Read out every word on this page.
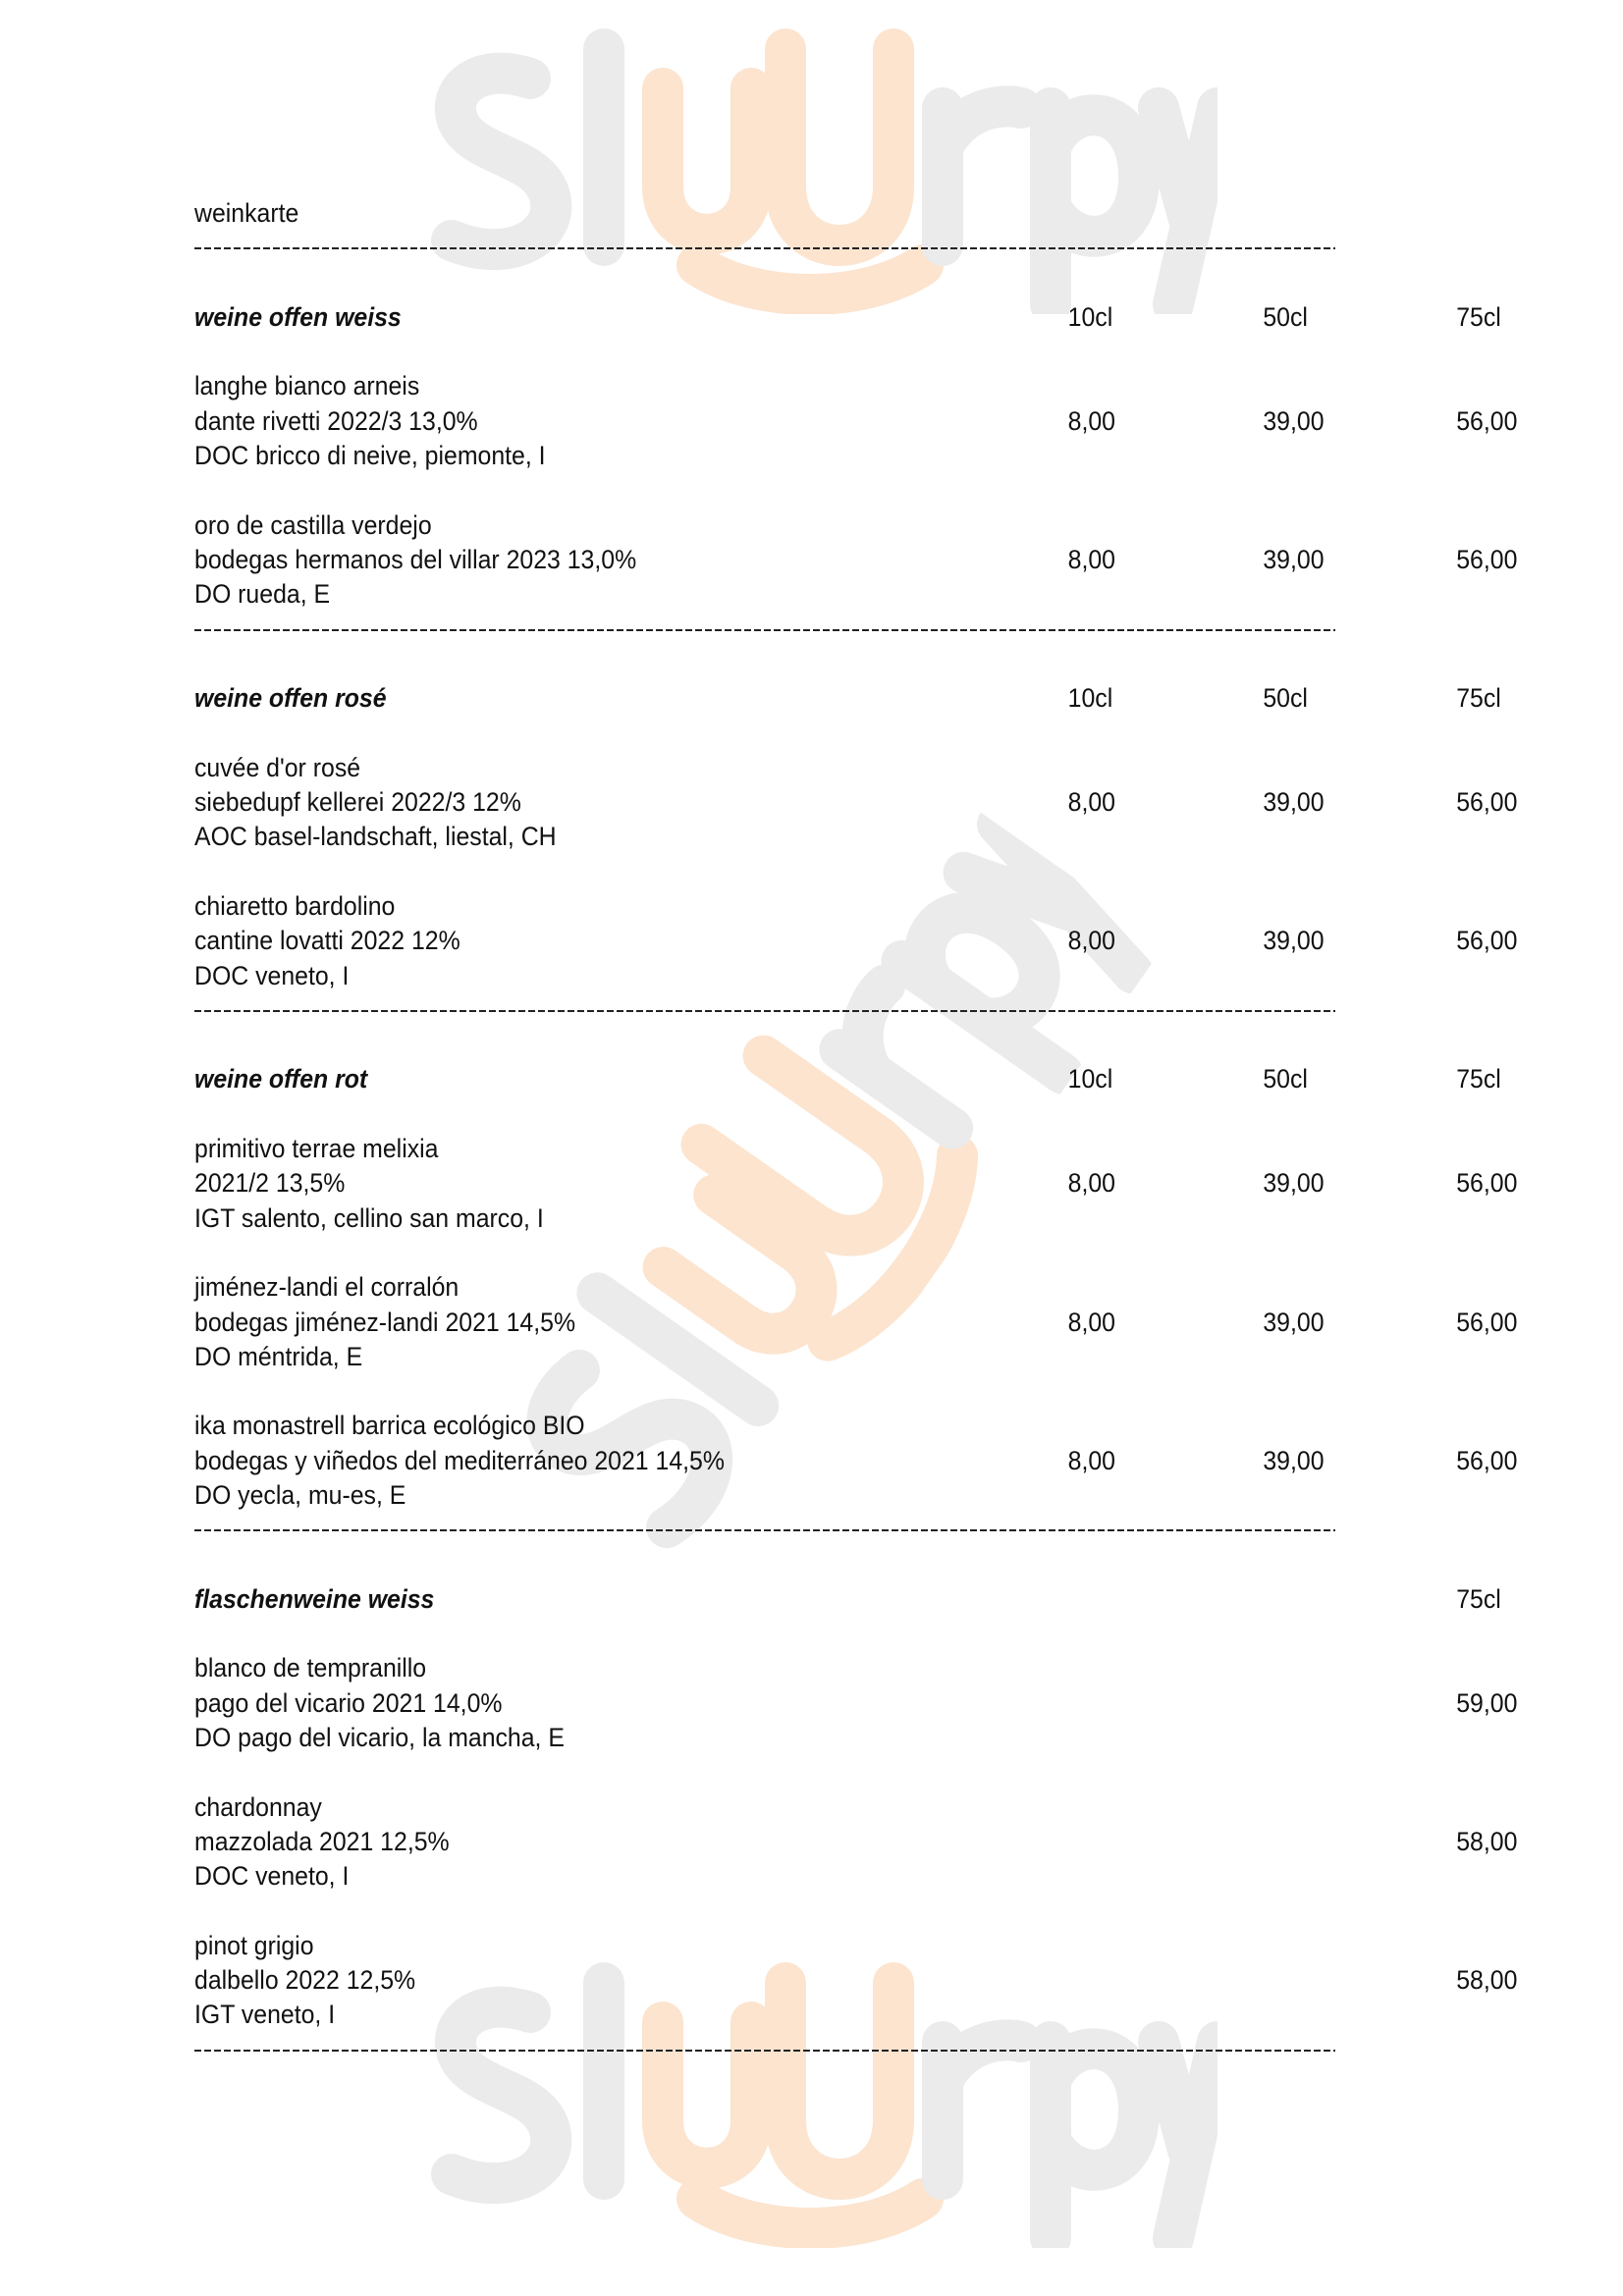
weinkarte
weine offen weiss	10cl	50cl	75cl
langhe bianco arneis
dante rivetti 2022/3 13,0%	8,00	39,00	56,00
DOC bricco di neive, piemonte, I
oro de castilla verdejo
bodegas hermanos del villar 2023 13,0%	8,00	39,00	56,00
DO rueda, E
weine offen rosé	10cl	50cl	75cl
cuvée d'or rosé
siebedupf kellerei 2022/3 12%	8,00	39,00	56,00
AOC basel-landschaft, liestal, CH
chiaretto bardolino
cantine lovatti 2022 12%	8,00	39,00	56,00
DOC veneto, I
weine offen rot	10cl	50cl	75cl
primitivo terrae melixia
2021/2 13,5%	8,00	39,00	56,00
IGT salento, cellino san marco, I
jiménez-landi el corralón
bodegas jiménez-landi 2021 14,5%	8,00	39,00	56,00
DO méntrida, E
ika monastrell barrica ecológico BIO
bodegas y viñedos del mediterráneo 2021 14,5%	8,00	39,00	56,00
DO yecla, mu-es, E
flaschenweine weiss	75cl
blanco de tempranillo
pago del vicario 2021 14,0%	59,00
DO pago del vicario, la mancha, E
chardonnay
mazzolada 2021 12,5%	58,00
DOC veneto, I
pinot grigio
dalbello 2022 12,5%	58,00
IGT veneto, I
